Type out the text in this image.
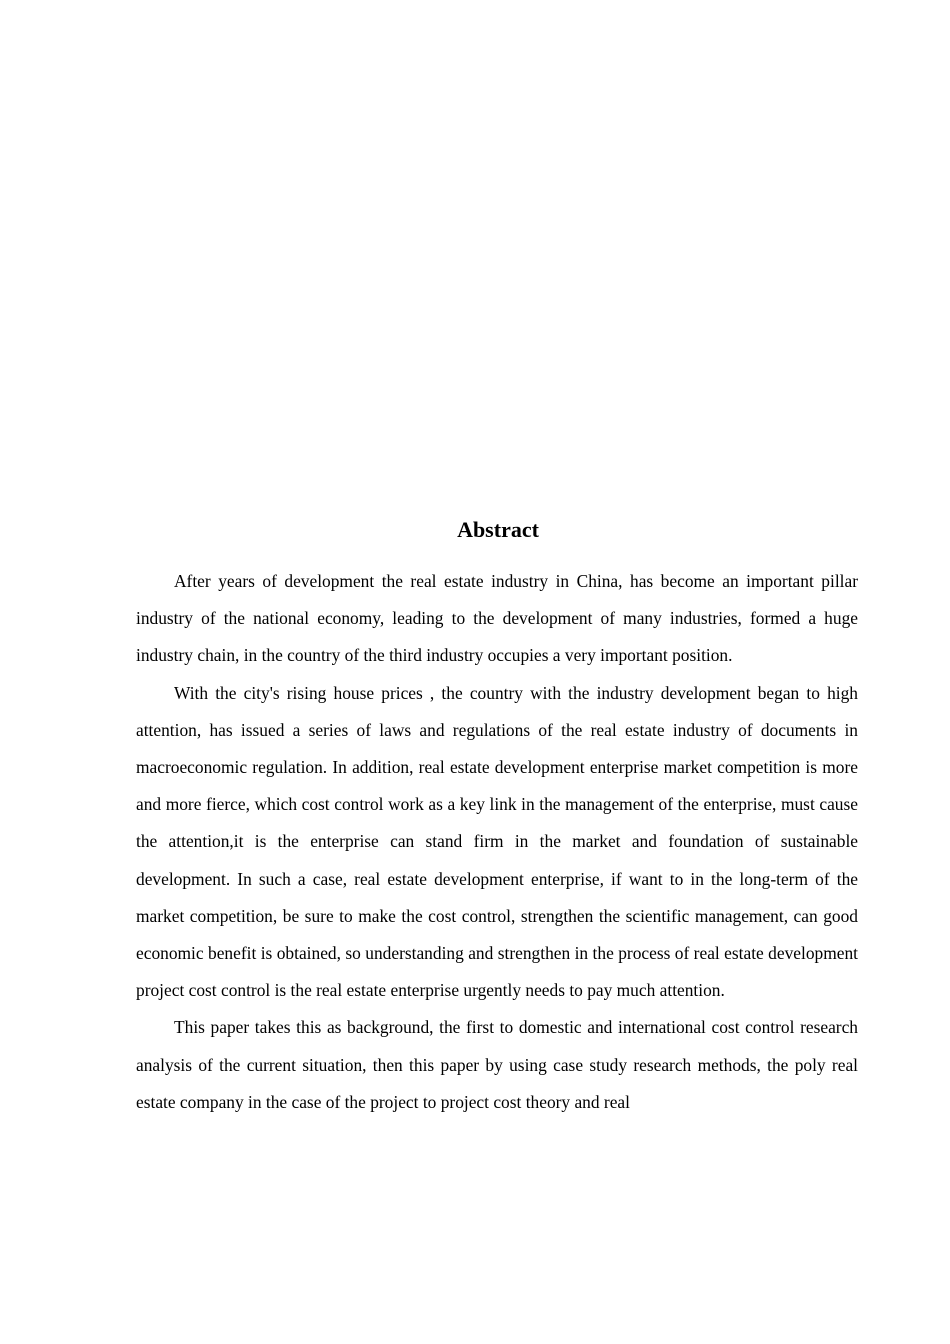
Abstract

After years of development the real estate industry in China, has become an important pillar industry of the national economy, leading to the development of many industries, formed a huge industry chain, in the country of the third industry occupies a very important position.

With the city's rising house prices , the country with the industry development began to high attention, has issued a series of laws and regulations of the real estate industry of documents in macroeconomic regulation. In addition, real estate development enterprise market competition is more and more fierce, which cost control work as a key link in the management of the enterprise, must cause the attention,it is the enterprise can stand firm in the market and foundation of sustainable development. In such a case, real estate development enterprise, if want to in the long-term of the market competition, be sure to make the cost control, strengthen the scientific management, can good economic benefit is obtained, so understanding and strengthen in the process of real estate development project cost control is the real estate enterprise urgently needs to pay much attention.

This paper takes this as background, the first to domestic and international cost control research analysis of the current situation, then this paper by using case study research methods, the poly real estate company in the case of the project to project cost theory and real
